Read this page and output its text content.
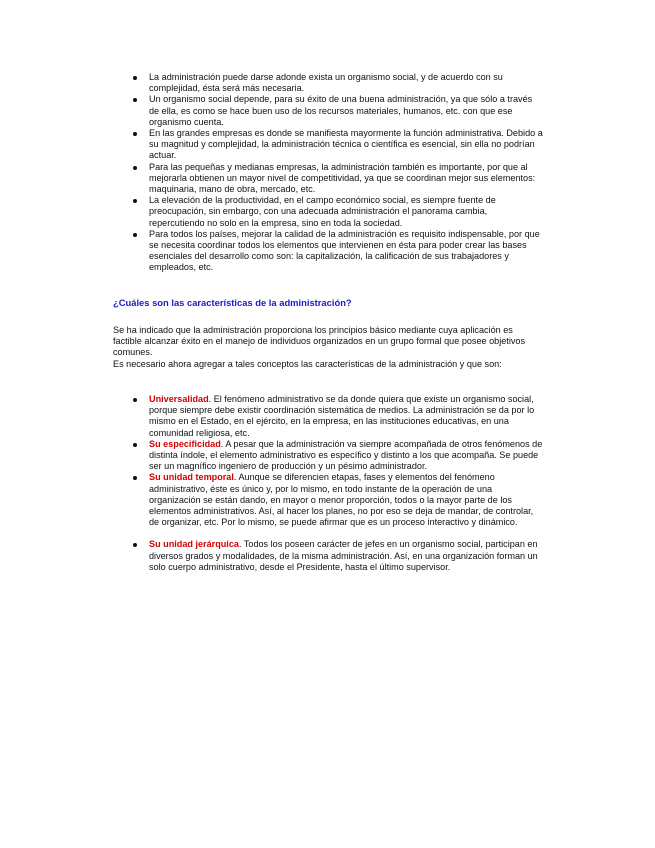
La administración puede darse adonde exista un organismo social, y de acuerdo con su complejidad, ésta será más necesaria.
Un organismo social depende, para su éxito de una buena administración, ya que sólo a través de ella, es como se hace buen uso de los recursos materiales, humanos, etc. con que ese organismo cuenta.
En las grandes empresas es donde se manifiesta mayormente la función administrativa. Debido a su magnitud y complejidad, la administración técnica o científica es esencial, sin ella no podrían actuar.
Para las pequeñas y medianas empresas, la administración también es importante, por que al mejorarla obtienen un mayor nivel de competitividad, ya que se coordinan mejor sus elementos: maquinaria, mano de obra, mercado, etc.
La elevación de la productividad, en el campo económico social, es siempre fuente de preocupación, sin embargo, con una adecuada administración el panorama cambia, repercutiendo no solo en la empresa, sino en toda la sociedad.
Para todos los países, mejorar la calidad de la administración es requisito indispensable, por que se necesita coordinar todos los elementos que intervienen en ésta para poder crear las bases esenciales del desarrollo como son: la capitalización, la calificación de sus trabajadores y empleados, etc.

¿Cuáles son las características de la administración?

Se ha indicado que la administración proporciona los principios básico mediante cuya aplicación es factible alcanzar éxito en el manejo de individuos organizados en un grupo formal que posee objetivos comunes.
Es necesario ahora agregar a tales conceptos las características de la administración y que son:

Universalidad. El fenómeno administrativo se da donde quiera que existe un organismo social, porque siempre debe existir coordinación sistemática de medios. La administración se da por lo mismo en el Estado, en el ejército, en la empresa, en las instituciones educativas, en una comunidad religiosa, etc.
Su especificidad. A pesar que la administración va siempre acompañada de otros fenómenos de distinta índole, el elemento administrativo es específico y distinto a los que acompaña. Se puede ser un magnífico ingeniero de producción y un pésimo administrador.
Su unidad temporal. Aunque se diferencien etapas, fases y elementos del fenómeno administrativo, éste es único y, por lo mismo, en todo instante de la operación de una organización se están dando, en mayor o menor proporción, todos o la mayor parte de los elementos administrativos. Así, al hacer los planes, no por eso se deja de mandar, de controlar, de organizar, etc. Por lo mismo, se puede afirmar que es un proceso interactivo y dinámico.
Su unidad jerárquica. Todos los poseen carácter de jefes en un organismo social, participan en diversos grados y modalidades, de la misma administración. Así, en una organización forman un solo cuerpo administrativo, desde el Presidente, hasta el último supervisor.
